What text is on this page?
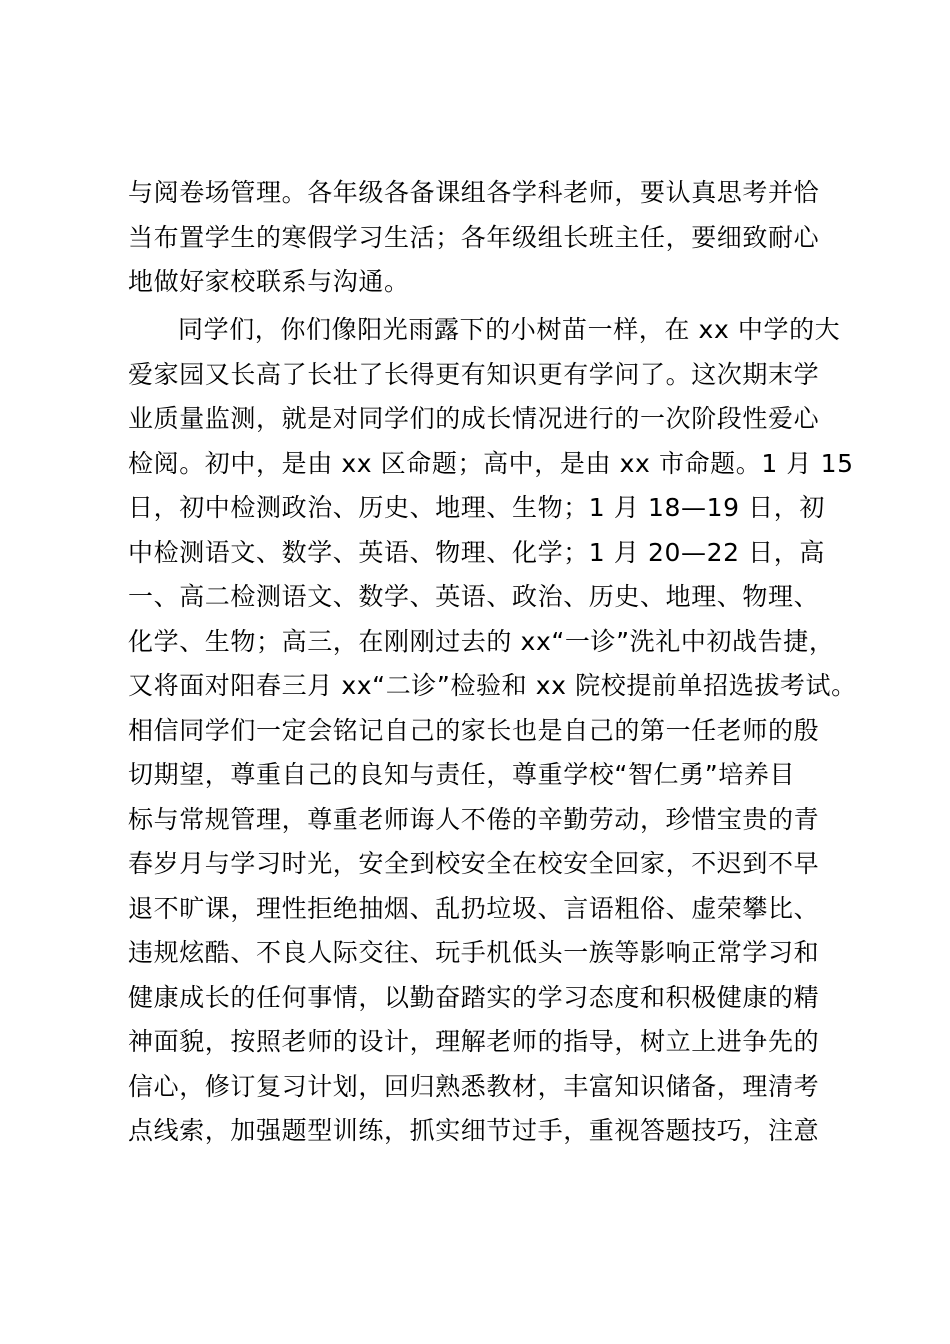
与阅卷场管理。各年级各备课组各学科老师，要认真思考并恰
当布置学生的寒假学习生活；各年级组长班主任，要细致耐心
地做好家校联系与沟通。
同学们，你们像阳光雨露下的小树苗一样，在 xx 中学的大
爱家园又长高了长壮了长得更有知识更有学问了。这次期末学
业质量监测，就是对同学们的成长情况进行的一次阶段性爱心
检阅。初中，是由 xx 区命题；高中，是由 xx 市命题。1 月 15
日，初中检测政治、历史、地理、生物；1 月 18—19 日，初
中检测语文、数学、英语、物理、化学；1 月 20—22 日，高
一、高二检测语文、数学、英语、政治、历史、地理、物理、
化学、生物；高三，在刚刚过去的 xx“一诊”洗礼中初战告捷，
又将面对阳春三月 xx“二诊”检验和 xx 院校提前单招选拔考试。
相信同学们一定会铭记自己的家长也是自己的第一任老师的殷
切期望，尊重自己的良知与责任，尊重学校“智仁勇”培养目
标与常规管理，尊重老师诲人不倦的辛勤劳动，珍惜宝贵的青
春岁月与学习时光，安全到校安全在校安全回家，不迟到不早
退不旷课，理性拒绝抽烟、乱扔垃圾、言语粗俗、虚荣攀比、
违规炫酷、不良人际交往、玩手机低头一族等影响正常学习和
健康成长的任何事情，以勤奋踏实的学习态度和积极健康的精
神面貌，按照老师的设计，理解老师的指导，树立上进争先的
信心，修订复习计划，回归熟悉教材，丰富知识储备，理清考
点线索，加强题型训练，抓实细节过手，重视答题技巧，注意
